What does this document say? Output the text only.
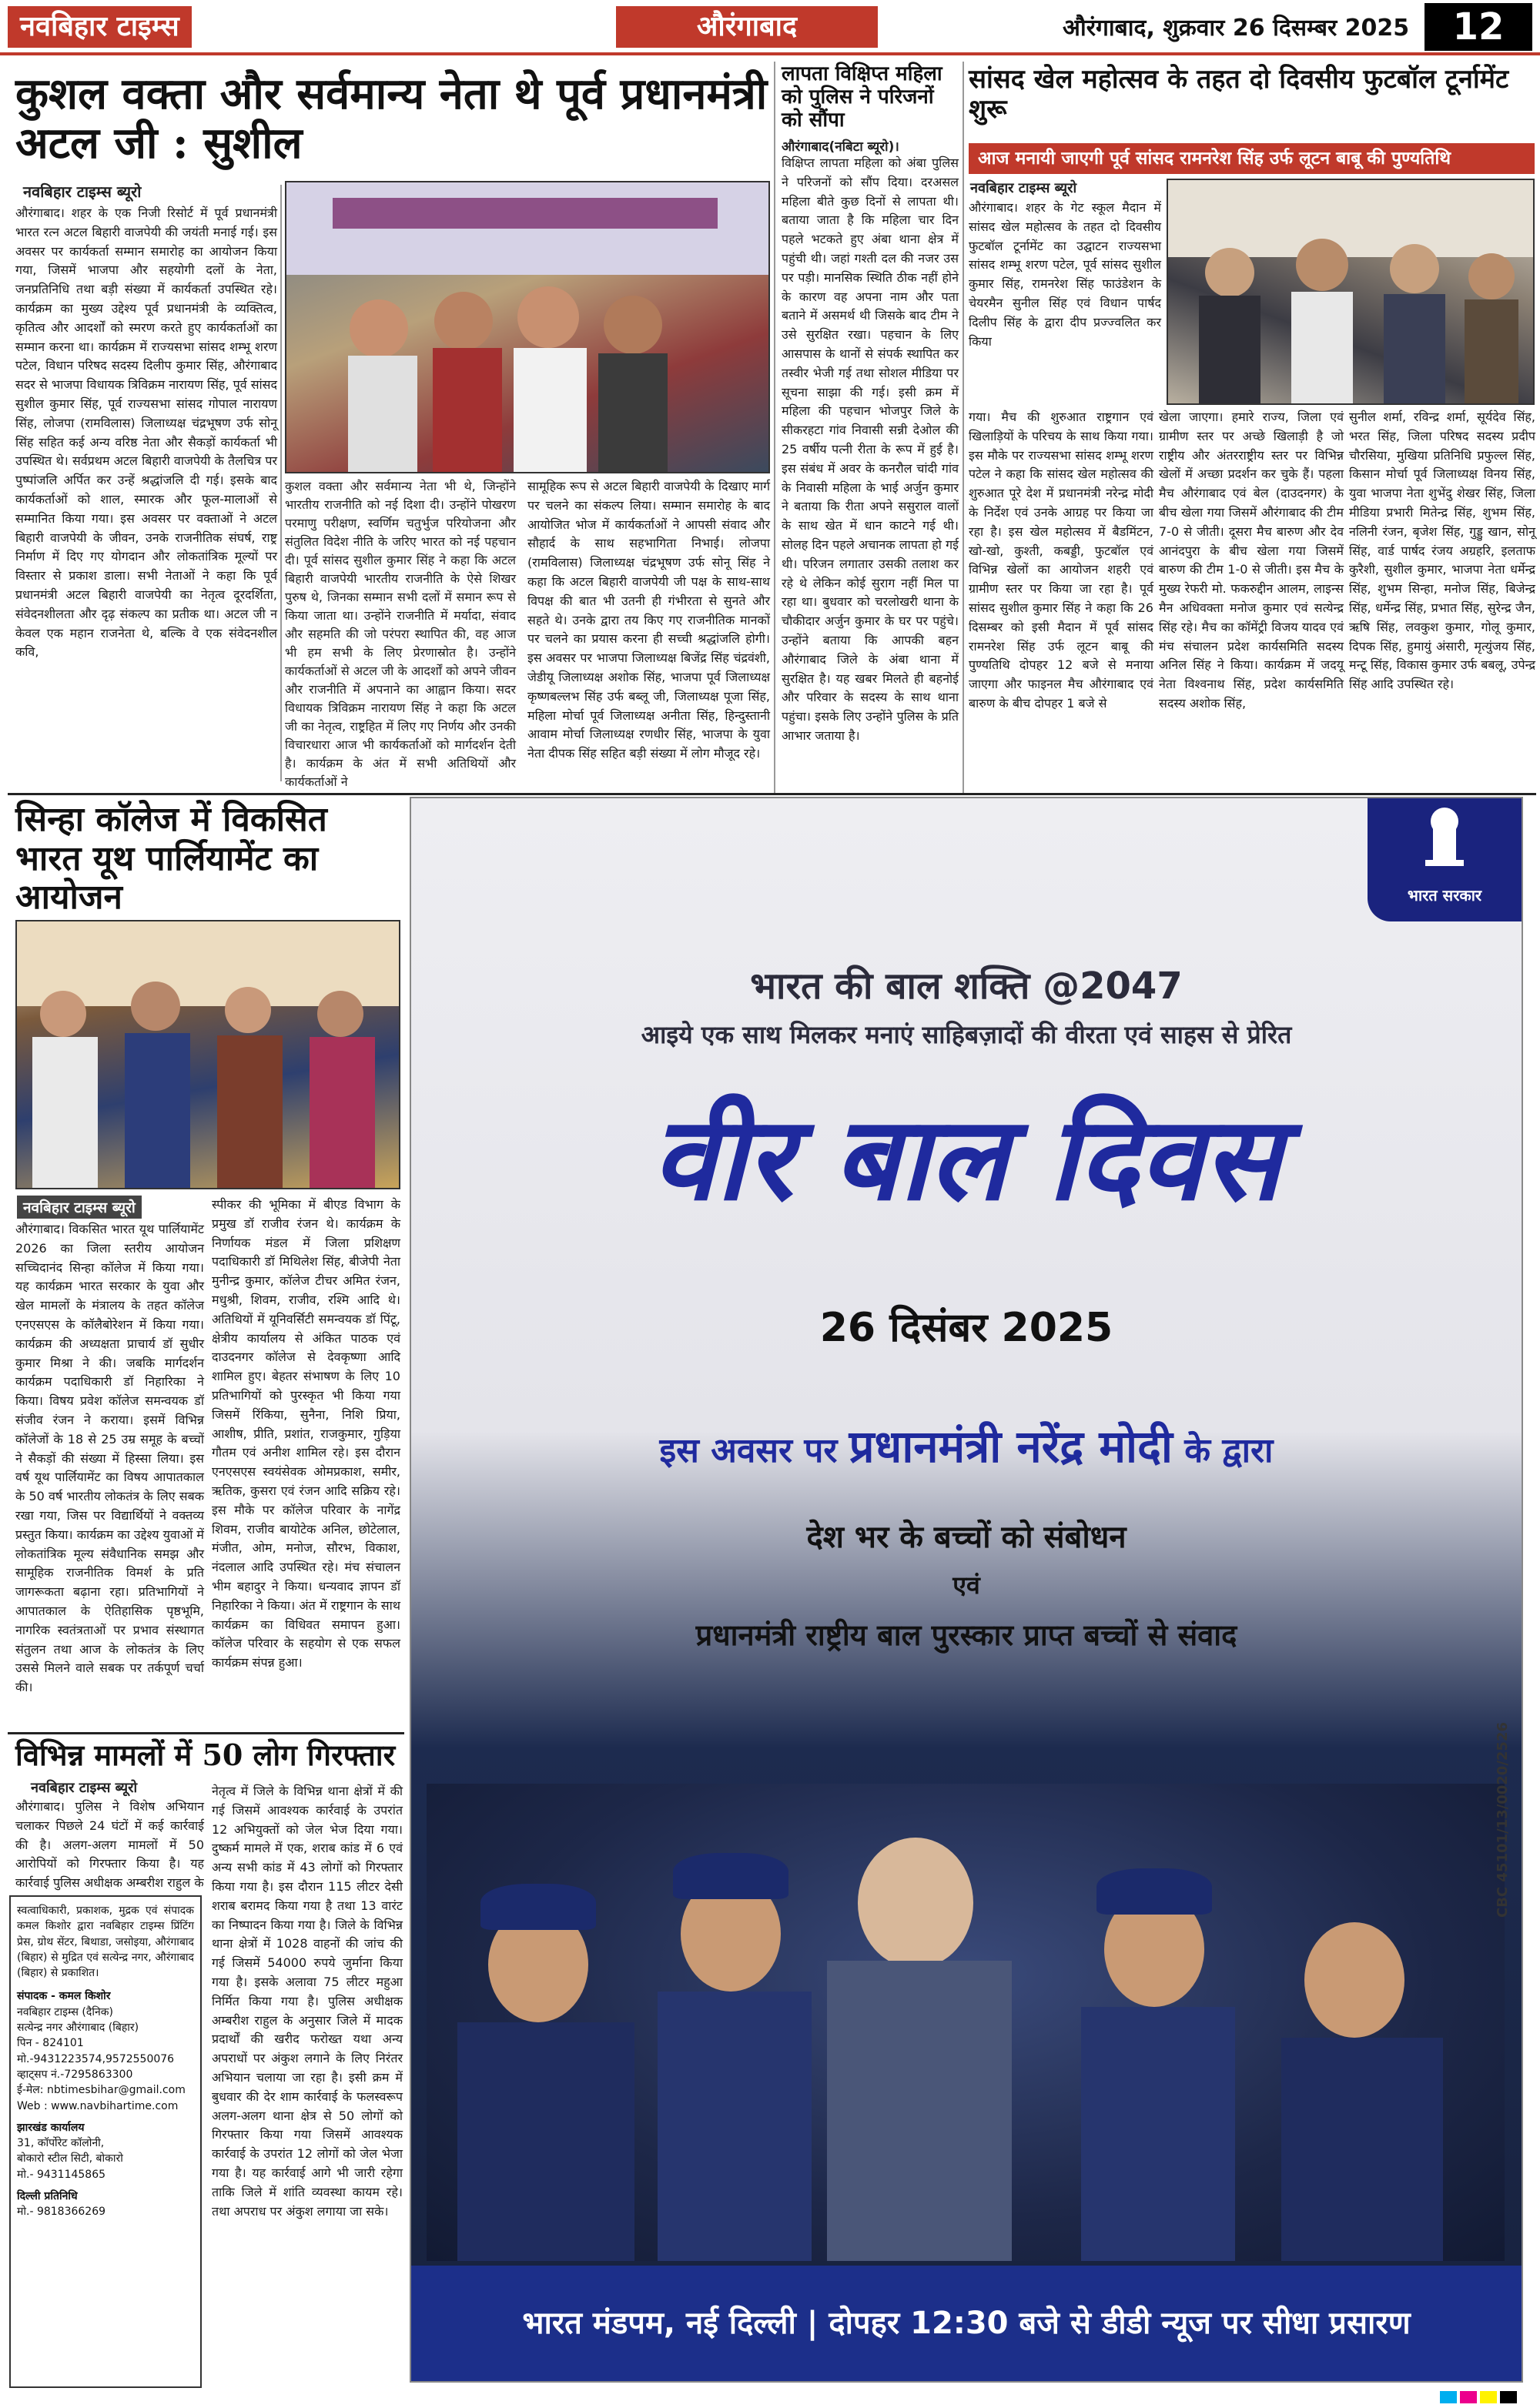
नवबिहार टाइम्स	औरंगाबाद	औरंगाबाद, शुक्रवार 26 दिसम्बर 2025	12
कुशल वक्ता और सर्वमान्य नेता थे पूर्व प्रधानमंत्री अटल जी : सुशील
नवबिहार टाइम्स ब्यूरो
औरंगाबाद। शहर के एक निजी रिसोर्ट में पूर्व प्रधानमंत्री भारत रत्न अटल बिहारी वाजपेयी की जयंती मनाई गई। इस अवसर पर कार्यकर्ता सम्मान समारोह का आयोजन किया गया, जिसमें भाजपा और सहयोगी दलों के नेता, जनप्रतिनिधि तथा बड़ी संख्या में कार्यकर्ता उपस्थित रहे। कार्यक्रम का मुख्य उद्देश्य पूर्व प्रधानमंत्री के व्यक्तित्व, कृतित्व और आदर्शों को स्मरण करते हुए कार्यकर्ताओं का सम्मान करना था। कार्यक्रम में राज्यसभा सांसद शम्भू शरण पटेल, विधान परिषद सदस्य दिलीप कुमार सिंह, औरंगाबाद सदर से भाजपा विधायक त्रिविक्रम नारायण सिंह, पूर्व सांसद सुशील कुमार सिंह, पूर्व राज्यसभा सांसद गोपाल नारायण सिंह, लोजपा (रामविलास) जिलाध्यक्ष चंद्रभूषण उर्फ सोनू सिंह सहित कई अन्य वरिष्ठ नेता और सैकड़ों कार्यकर्ता भी उपस्थित थे। सर्वप्रथम अटल बिहारी वाजपेयी के तैलचित्र पर पुष्पांजलि अर्पित कर उन्हें श्रद्धांजलि दी गई। इसके बाद कार्यकर्ताओं को शाल, स्मारक और फूल-मालाओं से सम्मानित किया गया। इस अवसर पर वक्ताओं ने अटल बिहारी वाजपेयी के जीवन, उनके राजनीतिक संघर्ष, राष्ट्र निर्माण में दिए गए योगदान और लोकतांत्रिक मूल्यों पर विस्तार से प्रकाश डाला। सभी नेताओं ने कहा कि पूर्व प्रधानमंत्री अटल बिहारी वाजपेयी का नेतृत्व दूरदर्शिता, संवेदनशीलता और दृढ़ संकल्प का प्रतीक था। अटल जी न केवल एक महान राजनेता थे, बल्कि वे एक संवेदनशील कवि,
कुशल वक्ता और सर्वमान्य नेता भी थे, जिन्होंने भारतीय राजनीति को नई दिशा दी। उन्होंने पोखरण परमाणु परीक्षण, स्वर्णिम चतुर्भुज परियोजना और संतुलित विदेश नीति के जरिए भारत को नई पहचान दी। पूर्व सांसद सुशील कुमार सिंह ने कहा कि अटल बिहारी वाजपेयी भारतीय राजनीति के ऐसे शिखर पुरुष थे, जिनका सम्मान सभी दलों में समान रूप से किया जाता था। उन्होंने राजनीति में मर्यादा, संवाद और सहमति की जो परंपरा स्थापित की, वह आज भी हम सभी के लिए प्रेरणास्रोत है। उन्होंने कार्यकर्ताओं से अटल जी के आदर्शों को अपने जीवन और राजनीति में अपनाने का आह्वान किया। सदर विधायक त्रिविक्रम नारायण सिंह ने कहा कि अटल जी का नेतृत्व, राष्ट्रहित में लिए गए निर्णय और उनकी विचारधारा आज भी कार्यकर्ताओं को मार्गदर्शन देती है। कार्यक्रम के अंत में सभी अतिथियों और कार्यकर्ताओं ने
सामूहिक रूप से अटल बिहारी वाजपेयी के दिखाए मार्ग पर चलने का संकल्प लिया। सम्मान समारोह के बाद आयोजित भोज में कार्यकर्ताओं ने आपसी संवाद और सौहार्द के साथ सहभागिता निभाई। लोजपा (रामविलास) जिलाध्यक्ष चंद्रभूषण उर्फ सोनू सिंह ने कहा कि अटल बिहारी वाजपेयी जी पक्ष के साथ-साथ विपक्ष की बात भी उतनी ही गंभीरता से सुनते और सहते थे। उनके द्वारा तय किए गए राजनीतिक मानकों पर चलने का प्रयास करना ही सच्ची श्रद्धांजलि होगी। इस अवसर पर भाजपा जिलाध्यक्ष बिजेंद्र सिंह चंद्रवंशी, जेडीयू जिलाध्यक्ष अशोक सिंह, भाजपा पूर्व जिलाध्यक्ष कृष्णबल्लभ सिंह उर्फ बब्लू जी, जिलाध्यक्ष पूजा सिंह, महिला मोर्चा पूर्व जिलाध्यक्ष अनीता सिंह, हिन्दुस्तानी आवाम मोर्चा जिलाध्यक्ष रणधीर सिंह, भाजपा के युवा नेता दीपक सिंह सहित बड़ी संख्या में लोग मौजूद रहे।
लापता विक्षिप्त महिला को पुलिस ने परिजनों को सौंपा
औरंगाबाद(नबिटा ब्यूरो)।
विक्षिप्त लापता महिला को अंबा पुलिस ने परिजनों को सौंप दिया। दरअसल महिला बीते कुछ दिनों से लापता थी। बताया जाता है कि महिला चार दिन पहले भटकते हुए अंबा थाना क्षेत्र में पहुंची थी। जहां गश्ती दल की नजर उस पर पड़ी। मानसिक स्थिति ठीक नहीं होने के कारण वह अपना नाम और पता बताने में असमर्थ थी जिसके बाद टीम ने उसे सुरक्षित रखा। पहचान के लिए आसपास के थानों से संपर्क स्थापित कर तस्वीर भेजी गई तथा सोशल मीडिया पर सूचना साझा की गई। इसी क्रम में महिला की पहचान भोजपुर जिले के सीकरहटा गांव निवासी सन्नी देओल की 25 वर्षीय पत्नी रीता के रूप में हुई है। इस संबंध में अवर के कनरौल चांदी गांव के निवासी महिला के भाई अर्जुन कुमार ने बताया कि रीता अपने ससुराल वालों के साथ खेत में धान काटने गई थी। सोलह दिन पहले अचानक लापता हो गई थी। परिजन लगातार उसकी तलाश कर रहे थे लेकिन कोई सुराग नहीं मिल पा रहा था। बुधवार को चरलोखरी थाना के चौकीदार अर्जुन कुमार के घर पर पहुंचे। उन्होंने बताया कि आपकी बहन औरंगाबाद जिले के अंबा थाना में सुरक्षित है। यह खबर मिलते ही बहनोई और परिवार के सदस्य के साथ थाना पहुंचा। इसके लिए उन्होंने पुलिस के प्रति आभार जताया है।
सांसद खेल महोत्सव के तहत दो दिवसीय फुटबॉल टूर्नामेंट शुरू
आज मनायी जाएगी पूर्व सांसद रामनरेश सिंह उर्फ लूटन बाबू की पुण्यतिथि
नवबिहार टाइम्स ब्यूरो
औरंगाबाद। शहर के गेट स्कूल मैदान में सांसद खेल महोत्सव के तहत दो दिवसीय फुटबॉल टूर्नामेंट का उद्घाटन राज्यसभा सांसद शम्भू शरण पटेल, पूर्व सांसद सुशील कुमार सिंह, रामनरेश सिंह फाउंडेशन के चेयरमैन सुनील सिंह एवं विधान पार्षद दिलीप सिंह के द्वारा दीप प्रज्ज्वलित कर किया
गया। मैच की शुरुआत राष्ट्रगान एवं खिलाड़ियों के परिचय के साथ किया गया। इस मौके पर राज्यसभा सांसद शम्भू शरण पटेल ने कहा कि सांसद खेल महोत्सव की शुरुआत पूरे देश में प्रधानमंत्री नरेन्द्र मोदी के निर्देश एवं उनके आग्रह पर किया जा रहा है। इस खेल महोत्सव में बैडमिंटन, खो-खो, कुश्ती, कबड्डी, फुटबॉल एवं विभिन्न खेलों का आयोजन शहरी एवं ग्रामीण स्तर पर किया जा रहा है। पूर्व सांसद सुशील कुमार सिंह ने कहा कि 26 दिसम्बर को इसी मैदान में पूर्व सांसद रामनरेश सिंह उर्फ लूटन बाबू की पुण्यतिथि दोपहर 12 बजे से मनाया जाएगा और फाइनल मैच औरंगाबाद एवं बारुण के बीच दोपहर 1 बजे से
खेला जाएगा। हमारे राज्य, जिला एवं ग्रामीण स्तर पर अच्छे खिलाड़ी है जो राष्ट्रीय और अंतरराष्ट्रीय स्तर पर विभिन्न खेलों में अच्छा प्रदर्शन कर चुके हैं। पहला मैच औरंगाबाद एवं बेल (दाउदनगर) के बीच खेला गया जिसमें औरंगाबाद की टीम 7-0 से जीती। दूसरा मैच बारुण और देव आनंदपुरा के बीच खेला गया जिसमें बारुण की टीम 1-0 से जीती। इस मैच के मुख्य रेफरी मो. फकरुद्दीन आलम, लाइन्स मैन अधिवक्ता मनोज कुमार एवं सत्येन्द्र सिंह रहे। मैच का कॉमेंट्री विजय यादव एवं मंच संचालन प्रदेश कार्यसमिति सदस्य अनिल सिंह ने किया। कार्यक्रम में जदयू नेता विश्वनाथ सिंह, प्रदेश कार्यसमिति सदस्य अशोक सिंह,
सुनील शर्मा, रविन्द्र शर्मा, सूर्यदेव सिंह, भरत सिंह, जिला परिषद सदस्य प्रदीप चौरसिया, मुखिया प्रतिनिधि प्रफुल्ल सिंह, किसान मोर्चा पूर्व जिलाध्यक्ष विनय सिंह, युवा भाजपा नेता शुभेंदु शेखर सिंह, जिला मीडिया प्रभारी मितेन्द्र सिंह, शुभम सिंह, नलिनी रंजन, बृजेश सिंह, गुड्डु खान, सोनू सिंह, वार्ड पार्षद रंजय अग्रहरि, इलताफ कुरैशी, सुशील कुमार, भाजपा नेता धर्मेन्द्र सिंह, शुभम सिन्हा, मनोज सिंह, बिजेन्द्र सिंह, धर्मेन्द्र सिंह, प्रभात सिंह, सुरेन्द्र जैन, ऋषि सिंह, लवकुश कुमार, गोलू कुमार, दिपक सिंह, हुमायुं अंसारी, मृत्युंजय सिंह, मन्टू सिंह, विकास कुमार उर्फ बबलू, उपेन्द्र सिंह आदि उपस्थित रहे।
सिन्हा कॉलेज में विकसित भारत यूथ पार्लियामेंट का आयोजन
नवबिहार टाइम्स ब्यूरो
औरंगाबाद। विकसित भारत यूथ पार्लियामेंट 2026 का जिला स्तरीय आयोजन सच्चिदानंद सिन्हा कॉलेज में किया गया। यह कार्यक्रम भारत सरकार के युवा और खेल मामलों के मंत्रालय के तहत कॉलेज एनएसएस के कॉलैबोरेशन में किया गया। कार्यक्रम की अध्यक्षता प्राचार्य डॉ सुधीर कुमार मिश्रा ने की। जबकि मार्गदर्शन कार्यक्रम पदाधिकारी डॉ निहारिका ने किया। विषय प्रवेश कॉलेज समन्वयक डॉ संजीव रंजन ने कराया। इसमें विभिन्न कॉलेजों के 18 से 25 उम्र समूह के बच्चों ने सैकड़ों की संख्या में हिस्सा लिया। इस वर्ष यूथ पार्लियामेंट का विषय आपातकाल के 50 वर्ष भारतीय लोकतंत्र के लिए सबक रखा गया, जिस पर विद्यार्थियों ने वक्तव्य प्रस्तुत किया। कार्यक्रम का उद्देश्य युवाओं में लोकतांत्रिक मूल्य संवैधानिक समझ और सामूहिक राजनीतिक विमर्श के प्रति जागरूकता बढ़ाना रहा। प्रतिभागियों ने आपातकाल के ऐतिहासिक पृष्ठभूमि, नागरिक स्वतंत्रताओं पर प्रभाव संस्थागत संतुलन तथा आज के लोकतंत्र के लिए उससे मिलने वाले सबक पर तर्कपूर्ण चर्चा की।
स्पीकर की भूमिका में बीएड विभाग के प्रमुख डॉ राजीव रंजन थे। कार्यक्रम के निर्णायक मंडल में जिला प्रशिक्षण पदाधिकारी डॉ मिथिलेश सिंह, बीजेपी नेता मुनीन्द्र कुमार, कॉलेज टीचर अमित रंजन, मधुश्री, शिवम, राजीव, रश्मि आदि थे। अतिथियों में यूनिवर्सिटी समन्वयक डॉ पिंटू, क्षेत्रीय कार्यालय से अंकित पाठक एवं दाउदनगर कॉलेज से देवकृष्णा आदि शामिल हुए। बेहतर संभाषण के लिए 10 प्रतिभागियों को पुरस्कृत भी किया गया जिसमें रिंकिया, सुनैना, निशि प्रिया, आशीष, प्रीति, प्रशांत, राजकुमार, गुड़िया गौतम एवं अनीश शामिल रहे। इस दौरान एनएसएस स्वयंसेवक ओमप्रकाश, समीर, ऋतिक, कुसरा एवं रंजन आदि सक्रिय रहे। इस मौके पर कॉलेज परिवार के नागेंद्र शिवम, राजीव बायोटेक अनिल, छोटेलाल, मंजीत, ओम, मनोज, सौरभ, विकाश, नंदलाल आदि उपस्थित रहे। मंच संचालन भीम बहादुर ने किया। धन्यवाद ज्ञापन डॉ निहारिका ने किया। अंत में राष्ट्रगान के साथ कार्यक्रम का विधिवत समापन हुआ। कॉलेज परिवार के सहयोग से एक सफल कार्यक्रम संपन्न हुआ।
विभिन्न मामलों में 50 लोग गिरफ्तार
नवबिहार टाइम्स ब्यूरो
औरंगाबाद। पुलिस ने विशेष अभियान चलाकर पिछले 24 घंटों में कई कार्रवाई की है। अलग-अलग मामलों में 50 आरोपियों को गिरफ्तार किया है। यह कार्रवाई पुलिस अधीक्षक अम्बरीश राहुल के
नेतृत्व में जिले के विभिन्न थाना क्षेत्रों में की गई जिसमें आवश्यक कार्रवाई के उपरांत 12 अभियुक्तों को जेल भेज दिया गया। दुष्कर्म मामले में एक, शराब कांड में 6 एवं अन्य सभी कांड में 43 लोगों को गिरफ्तार किया गया है। इस दौरान 115 लीटर देसी शराब बरामद किया गया है तथा 13 वारंट का निष्पादन किया गया है। जिले के विभिन्न थाना क्षेत्रों में 1028 वाहनों की जांच की गई जिसमें 54000 रुपये जुर्माना किया गया है। इसके अलावा 75 लीटर महुआ निर्मित किया गया है। पुलिस अधीक्षक अम्बरीश राहुल के अनुसार जिले में मादक प्रदार्थों की खरीद फरोख्त यथा अन्य अपराधों पर अंकुश लगाने के लिए निरंतर अभियान चलाया जा रहा है। इसी क्रम में बुधवार की देर शाम कार्रवाई के फलस्वरूप अलग-अलग थाना क्षेत्र से 50 लोगों को गिरफ्तार किया गया जिसमें आवश्यक कार्रवाई के उपरांत 12 लोगों को जेल भेजा गया है। यह कार्रवाई आगे भी जारी रहेगा ताकि जिले में शांति व्यवस्था कायम रहे। तथा अपराध पर अंकुश लगाया जा सके।
स्वत्वाधिकारी, प्रकाशक, मुद्रक एवं संपादक कमल किशोर द्वारा नवबिहार टाइम्स प्रिंटिंग प्रेस, ग्रोथ सेंटर, बिथाडा, जसोइया, औरंगाबाद (बिहार) से मुद्रित एवं सत्येन्द्र नगर, औरंगाबाद (बिहार) से प्रकाशित।
संपादक - कमल किशोर
नवबिहार टाइम्स (दैनिक)
सत्येन्द्र नगर औरंगाबाद (बिहार)
पिन - 824101
मो.-9431223574,9572550076
व्हाट्सप नं.-7295863300
ई-मेल: nbtimesbihar@gmail.com
Web : www.navbihartime.com
झारखंड कार्यालय
31, कॉर्पोरेट कॉलोनी,
बोकारो स्टील सिटी, बोकारो
मो.- 9431145865
दिल्ली प्रतिनिधि
मो.- 9818366269
भारत सरकार
भारत की बाल शक्ति @2047
आइये एक साथ मिलकर मनाएं साहिबज़ादों की वीरता एवं साहस से प्रेरित
वीर बाल दिवस
26 दिसंबर 2025
इस अवसर पर प्रधानमंत्री नरेंद्र मोदी के द्वारा
देश भर के बच्चों को संबोधन
एवं
प्रधानमंत्री राष्ट्रीय बाल पुरस्कार प्राप्त बच्चों से संवाद
CBC 45101/13/0020/2526
भारत मंडपम, नई दिल्ली | दोपहर 12:30 बजे से डीडी न्यूज पर सीधा प्रसारण
